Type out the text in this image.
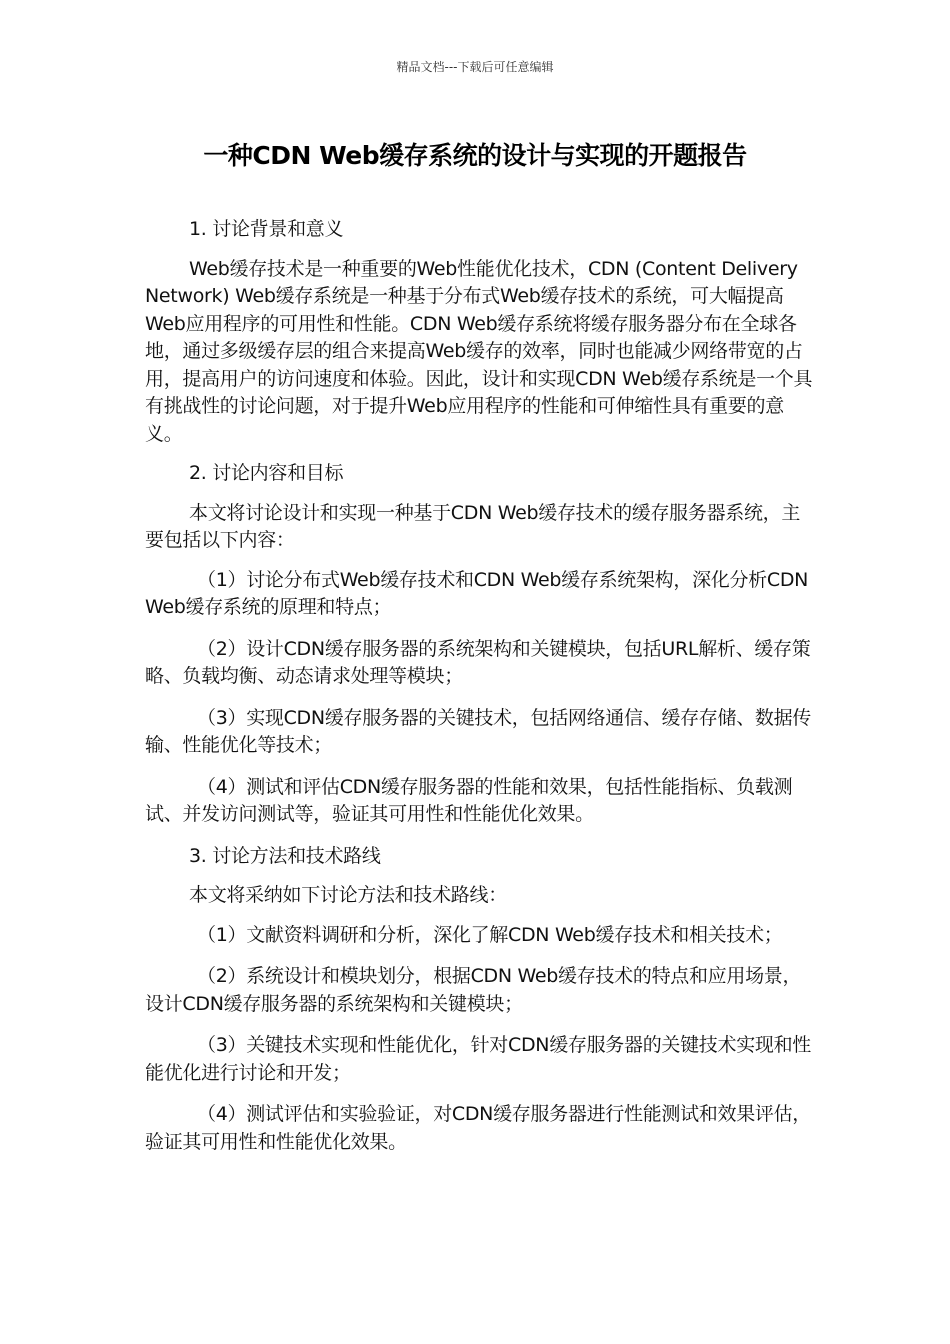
精品文档---下载后可任意编辑
一种CDN Web缓存系统的设计与实现的开题报告

1. 讨论背景和意义

Web缓存技术是一种重要的Web性能优化技术，CDN (Content Delivery Network) Web缓存系统是一种基于分布式Web缓存技术的系统，可大幅提高Web应用程序的可用性和性能。CDN Web缓存系统将缓存服务器分布在全球各地，通过多级缓存层的组合来提高Web缓存的效率，同时也能减少网络带宽的占用，提高用户的访问速度和体验。因此，设计和实现CDN Web缓存系统是一个具有挑战性的讨论问题，对于提升Web应用程序的性能和可伸缩性具有重要的意义。

2. 讨论内容和目标

本文将讨论设计和实现一种基于CDN Web缓存技术的缓存服务器系统，主要包括以下内容：

（1）讨论分布式Web缓存技术和CDN Web缓存系统架构，深化分析CDN Web缓存系统的原理和特点；

（2）设计CDN缓存服务器的系统架构和关键模块，包括URL解析、缓存策略、负载均衡、动态请求处理等模块；

（3）实现CDN缓存服务器的关键技术，包括网络通信、缓存存储、数据传输、性能优化等技术；

（4）测试和评估CDN缓存服务器的性能和效果，包括性能指标、负载测试、并发访问测试等，验证其可用性和性能优化效果。

3. 讨论方法和技术路线

本文将采纳如下讨论方法和技术路线：

（1）文献资料调研和分析，深化了解CDN Web缓存技术和相关技术；

（2）系统设计和模块划分，根据CDN Web缓存技术的特点和应用场景，设计CDN缓存服务器的系统架构和关键模块；

（3）关键技术实现和性能优化，针对CDN缓存服务器的关键技术实现和性能优化进行讨论和开发；

（4）测试评估和实验验证，对CDN缓存服务器进行性能测试和效果评估，验证其可用性和性能优化效果。
